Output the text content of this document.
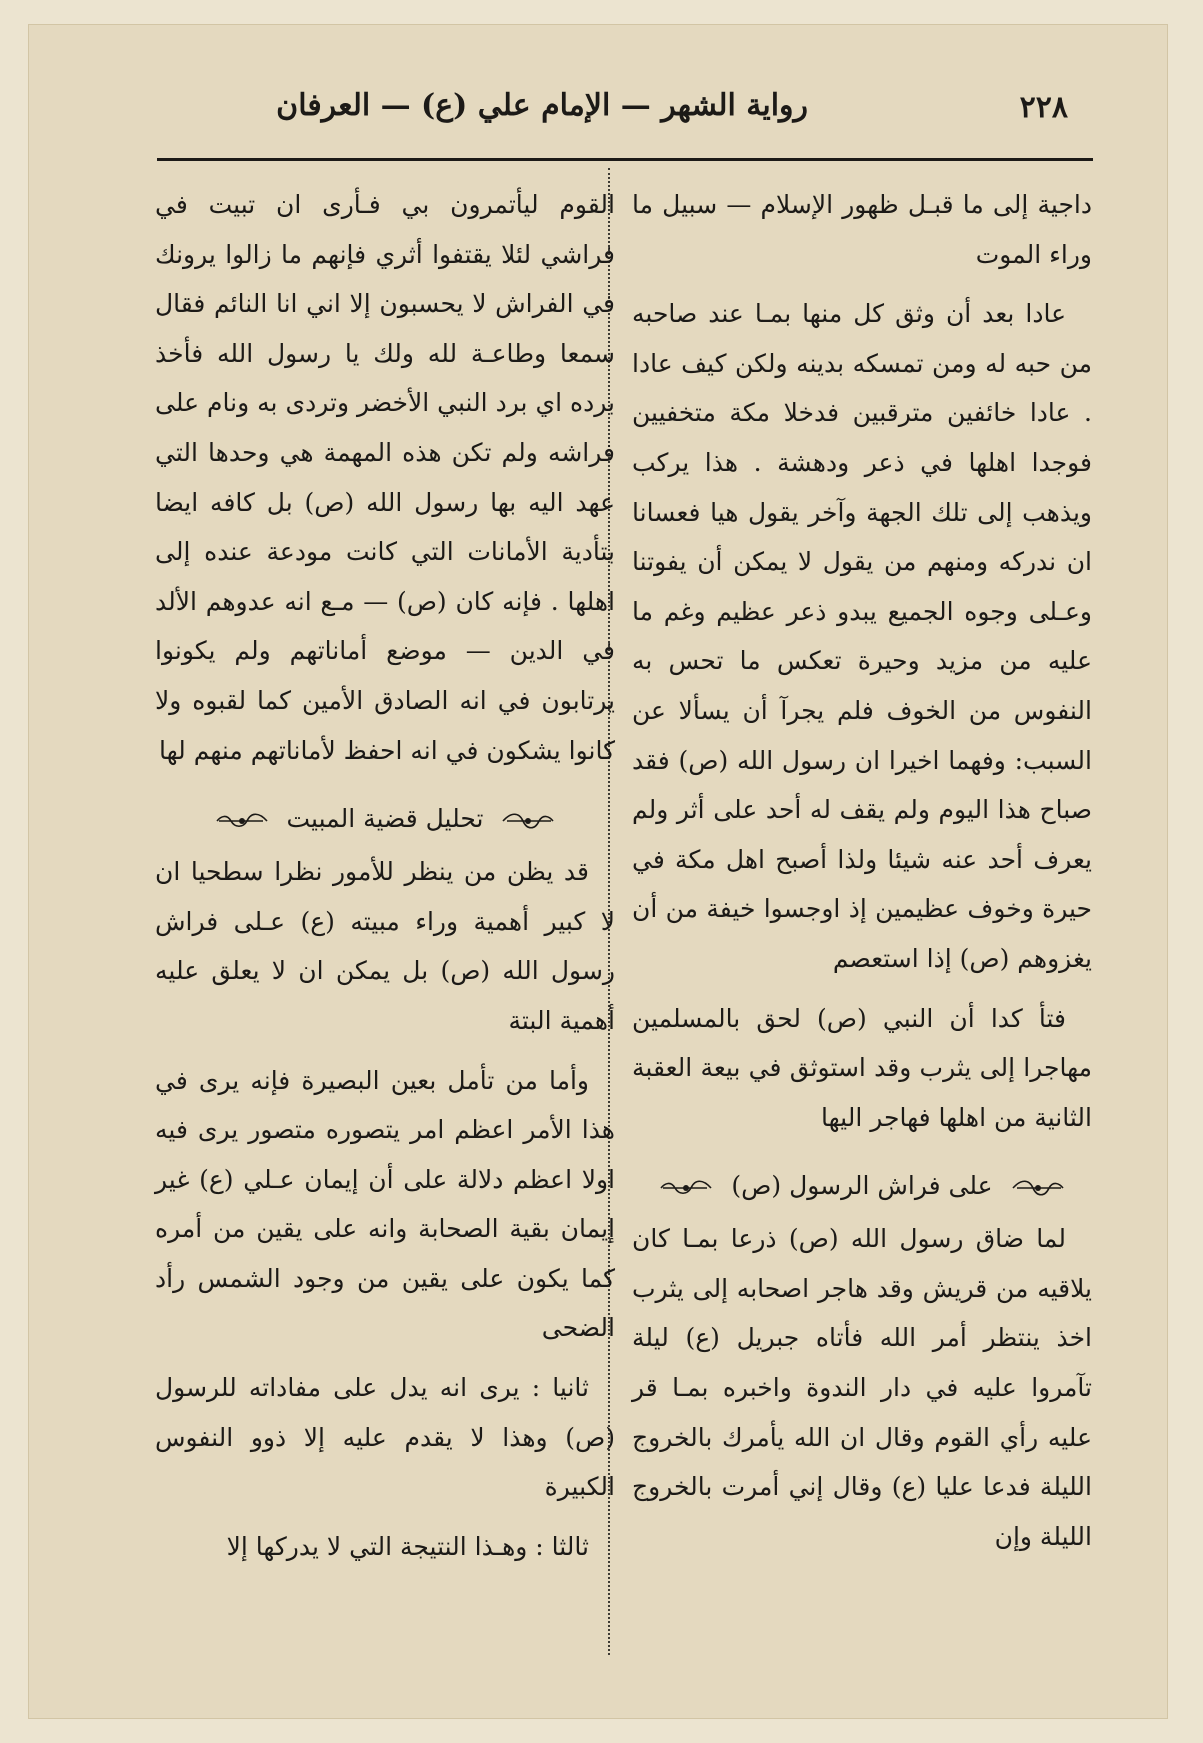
٢٢٨
رواية الشهر — الإمام علي (ع) — العرفان

داجية إلى ما قبـل ظهور الإسلام — سبيل ما وراء الموت

عادا بعد أن وثق كل منها بمـا عند صاحبه من حبه له ومن تمسكه بدينه ولكن كيف عادا . عادا خائفين مترقبين فدخلا مكة متخفيين فوجدا اهلها في ذعر ودهشة . هذا يركب ويذهب إلى تلك الجهة وآخر يقول هيا فعسانا ان ندركه ومنهم من يقول لا يمكن أن يفوتنا وعـلى وجوه الجميع يبدو ذعر عظيم وغم ما عليه من مزيد وحيرة تعكس ما تحس به النفوس من الخوف فلم يجرآ أن يسألا عن السبب: وفهما اخيرا ان رسول الله (ص) فقد صباح هذا اليوم ولم يقف له أحد على أثر ولم يعرف أحد عنه شيئا ولذا أصبح اهل مكة في حيرة وخوف عظيمين إذ اوجسوا خيفة من أن يغزوهم (ص) إذا استعصم

فتأ كدا أن النبي (ص) لحق بالمسلمين مهاجرا إلى يثرب وقد استوثق في بيعة العقبة الثانية من اهلها فهاجر اليها

على فراش الرسول (ص)

لما ضاق رسول الله (ص) ذرعا بمـا كان يلاقيه من قريش وقد هاجر اصحابه إلى يثرب اخذ ينتظر أمر الله فأتاه جبريل (ع) ليلة تآمروا عليه في دار الندوة واخبره بمـا قر عليه رأي القوم وقال ان الله يأمرك بالخروج الليلة فدعا عليا (ع) وقال إني أمرت بالخروج الليلة وإن

القوم ليأتمرون بي فـأرى ان تبيت في فراشي لئلا يقتفوا أثري فإنهم ما زالوا يرونك في الفراش لا يحسبون إلا اني انا النائم فقال سمعا وطاعـة لله ولك يا رسول الله فأخذ برده اي برد النبي الأخضر وتردى به ونام على فراشه ولم تكن هذه المهمة هي وحدها التي عهد اليه بها رسول الله (ص) بل كافه ايضا بتأدية الأمانات التي كانت مودعة عنده إلى اهلها . فإنه كان (ص) — مـع انه عدوهم الألد في الدين — موضع أماناتهم ولم يكونوا يرتابون في انه الصادق الأمين كما لقبوه ولا كانوا يشكون في انه احفظ لأماناتهم منهم لها

تحليل قضية المبيت

قد يظن من ينظر للأمور نظرا سطحيا ان لا كبير أهمية وراء مبيته (ع) عـلى فراش رسول الله (ص) بل يمكن ان لا يعلق عليه أهمية البتة

وأما من تأمل بعين البصيرة فإنه يرى في هذا الأمر اعظم امر يتصوره متصور يرى فيه اولا اعظم دلالة على أن إيمان عـلي (ع) غير إيمان بقية الصحابة وانه على يقين من أمره كما يكون على يقين من وجود الشمس رأد الضحى

ثانيا : يرى انه يدل على مفاداته للرسول (ص) وهذا لا يقدم عليه إلا ذوو النفوس الكبيرة

ثالثا : وهـذا النتيجة التي لا يدركها إلا
